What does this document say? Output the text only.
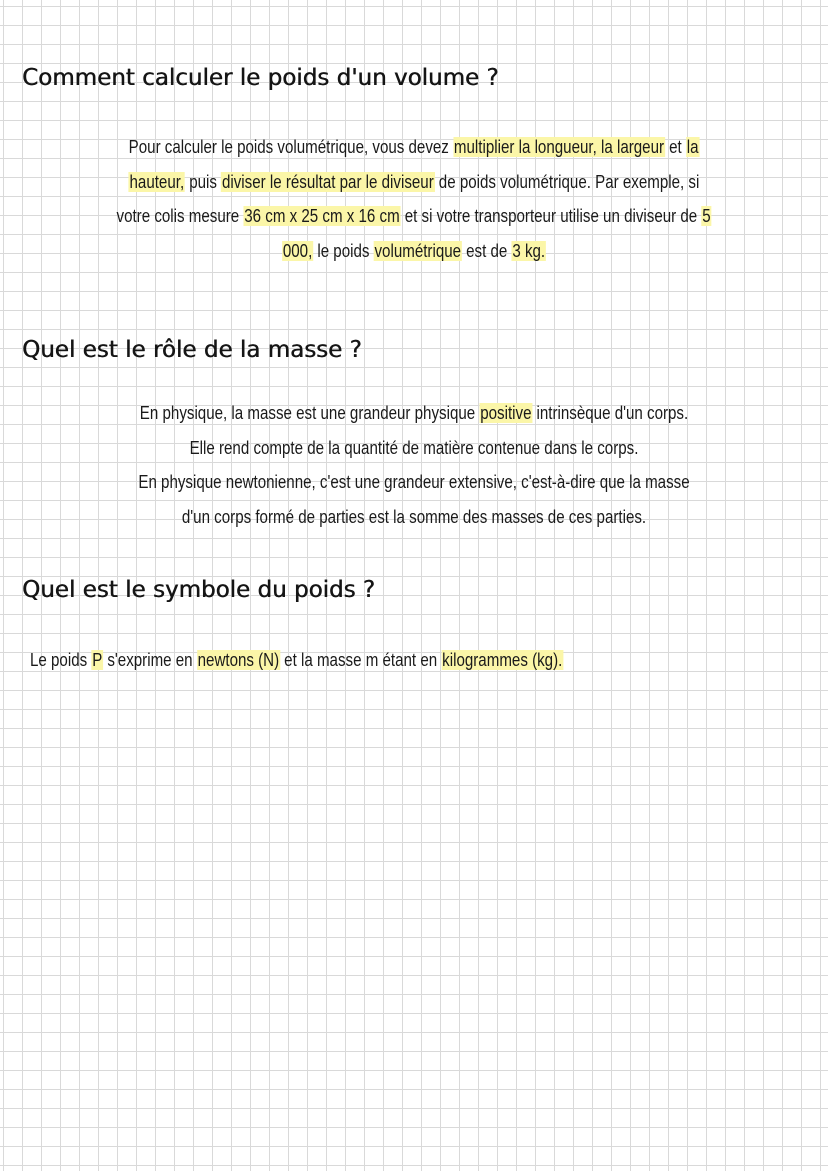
Comment calculer le poids d'un volume ?

Pour calculer le poids volumétrique, vous devez multiplier la longueur, la largeur et la
hauteur, puis diviser le résultat par le diviseur de poids volumétrique. Par exemple, si
votre colis mesure 36 cm x 25 cm x 16 cm et si votre transporteur utilise un diviseur de 5
000, le poids volumétrique est de 3 kg.

Quel est le rôle de la masse ?

En physique, la masse est une grandeur physique positive intrinsèque d'un corps.
Elle rend compte de la quantité de matière contenue dans le corps.
En physique newtonienne, c'est une grandeur extensive, c'est-à-dire que la masse
d'un corps formé de parties est la somme des masses de ces parties.

Quel est le symbole du poids ?

Le poids P s'exprime en newtons (N) et la masse m étant en kilogrammes (kg).
